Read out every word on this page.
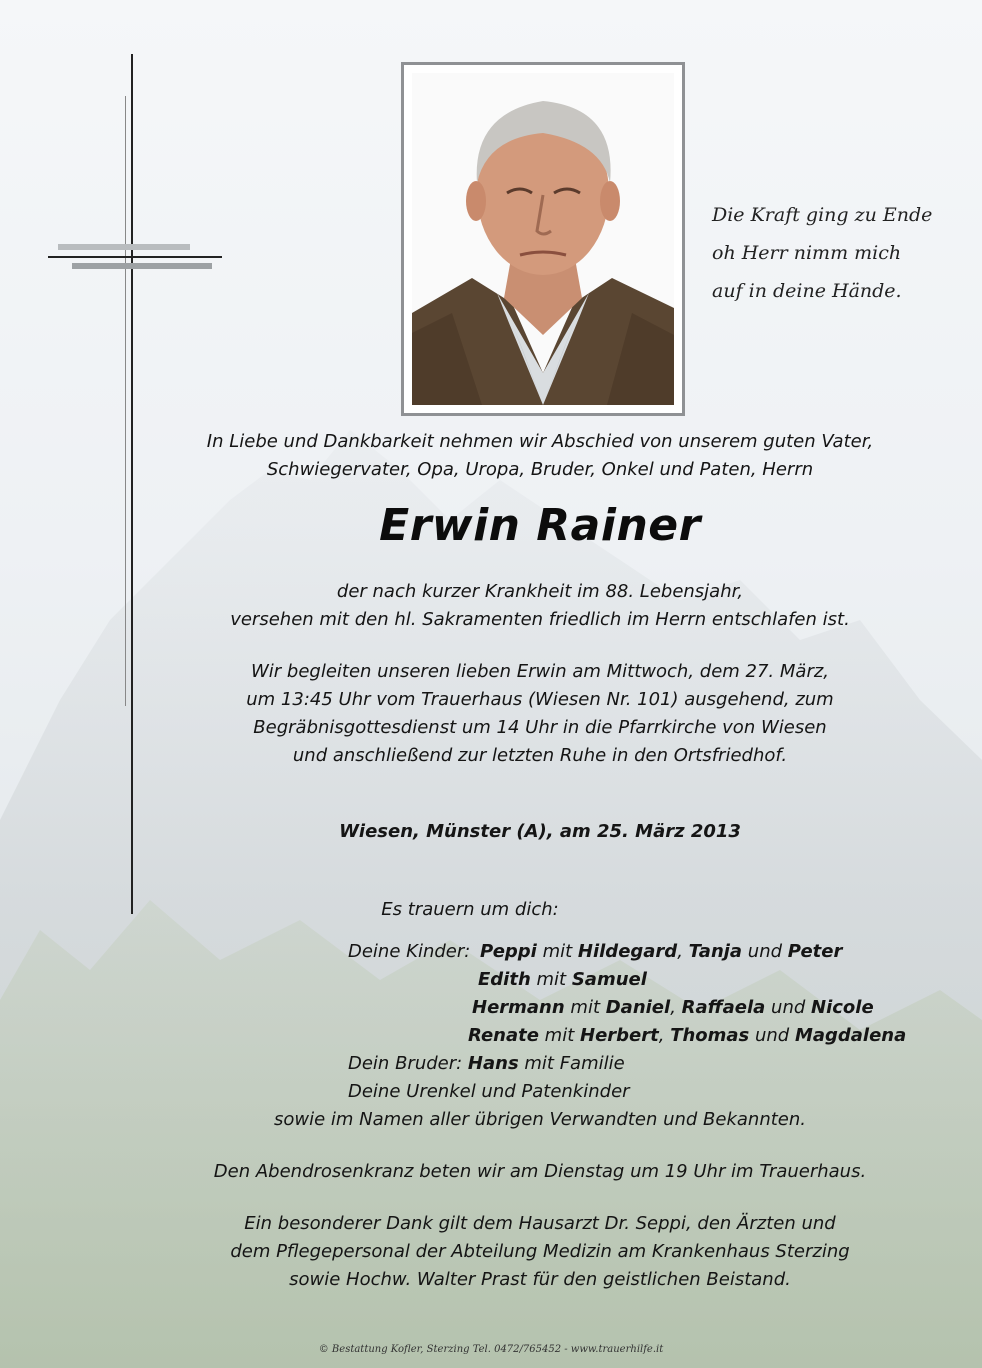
Die Kraft ging zu Ende
oh Herr nimm mich
auf in deine Hände.
In Liebe und Dankbarkeit nehmen wir Abschied von unserem guten Vater,
Schwiegervater, Opa, Uropa, Bruder, Onkel und Paten, Herrn
Erwin Rainer
der nach kurzer Krankheit im 88. Lebensjahr,
versehen mit den hl. Sakramenten friedlich im Herrn entschlafen ist.
Wir begleiten unseren lieben Erwin am Mittwoch, dem 27. März,
um 13:45 Uhr vom Trauerhaus (Wiesen Nr. 101) ausgehend, zum
Begräbnisgottesdienst um 14 Uhr in die Pfarrkirche von Wiesen
und anschließend zur letzten Ruhe in den Ortsfriedhof.
Wiesen, Münster (A), am 25. März 2013
Es trauern um dich:
Deine Kinder: Peppi mit Hildegard, Tanja und Peter
Edith mit Samuel
Hermann mit Daniel, Raffaela und Nicole
Renate mit Herbert, Thomas und Magdalena
Dein Bruder: Hans mit Familie
Deine Urenkel und Patenkinder
sowie im Namen aller übrigen Verwandten und Bekannten.
Den Abendrosenkranz beten wir am Dienstag um 19 Uhr im Trauerhaus.
Ein besonderer Dank gilt dem Hausarzt Dr. Seppi, den Ärzten und
dem Pflegepersonal der Abteilung Medizin am Krankenhaus Sterzing
sowie Hochw. Walter Prast für den geistlichen Beistand.
© Bestattung Kofler, Sterzing Tel. 0472/765452 - www.trauerhilfe.it
